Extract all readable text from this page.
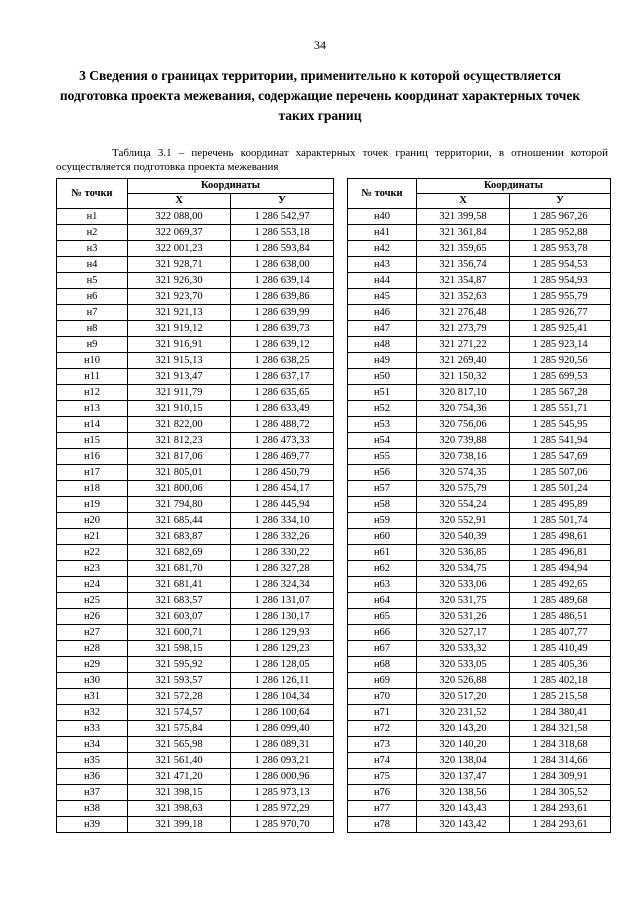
34
3 Сведения о границах территории, применительно к которой осуществляется подготовка проекта межевания, содержащие перечень координат характерных точек таких границ
Таблица 3.1 – перечень координат характерных точек границ территории, в отношении которой осуществляется подготовка проекта межевания
№ точки	Координаты	
	Х	У
н1	322 088,00	1 286 542,97
н2	322 069,37	1 286 553,18
н3	322 001,23	1 286 593,84
н4	321 928,71	1 286 638,00
н5	321 926,30	1 286 639,14
н6	321 923,70	1 286 639,86
н7	321 921,13	1 286 639,99
н8	321 919,12	1 286 639,73
н9	321 916,91	1 286 639,12
н10	321 915,13	1 286 638,25
н11	321 913,47	1 286 637,17
н12	321 911,79	1 286 635,65
н13	321 910,15	1 286 633,49
н14	321 822,00	1 286 488,72
н15	321 812,23	1 286 473,33
н16	321 817,06	1 286 469,77
н17	321 805,01	1 286 450,79
н18	321 800,06	1 286 454,17
н19	321 794,80	1 286 445,94
н20	321 685,44	1 286 334,10
н21	321 683,87	1 286 332,26
н22	321 682,69	1 286 330,22
н23	321 681,70	1 286 327,28
н24	321 681,41	1 286 324,34
н25	321 683,57	1 286 131,07
н26	321 603,07	1 286 130,17
н27	321 600,71	1 286 129,93
н28	321 598,15	1 286 129,23
н29	321 595,92	1 286 128,05
н30	321 593,57	1 286 126,11
н31	321 572,28	1 286 104,34
н32	321 574,57	1 286 100,64
н33	321 575,84	1 286 099,40
н34	321 565,98	1 286 089,31
н35	321 561,40	1 286 093,21
н36	321 471,20	1 286 000,96
н37	321 398,15	1 285 973,13
н38	321 398,63	1 285 972,29
н39	321 399,18	1 285 970,70
№ точки	Координаты	
	Х	У
н40	321 399,58	1 285 967,26
н41	321 361,84	1 285 952,88
н42	321 359,65	1 285 953,78
н43	321 356,74	1 285 954,53
н44	321 354,87	1 285 954,93
н45	321 352,63	1 285 955,79
н46	321 276,48	1 285 926,77
н47	321 273,79	1 285 925,41
н48	321 271,22	1 285 923,14
н49	321 269,40	1 285 920,56
н50	321 150,32	1 285 699,53
н51	320 817,10	1 285 567,28
н52	320 754,36	1 285 551,71
н53	320 756,06	1 285 545,95
н54	320 739,88	1 285 541,94
н55	320 738,16	1 285 547,69
н56	320 574,35	1 285 507,06
н57	320 575,79	1 285 501,24
н58	320 554,24	1 285 495,89
н59	320 552,91	1 285 501,74
н60	320 540,39	1 285 498,61
н61	320 536,85	1 285 496,81
н62	320 534,75	1 285 494,94
н63	320 533,06	1 285 492,65
н64	320 531,75	1 285 489,68
н65	320 531,26	1 285 486,51
н66	320 527,17	1 285 407,77
н67	320 533,32	1 285 410,49
н68	320 533,05	1 285 405,36
н69	320 526,88	1 285 402,18
н70	320 517,20	1 285 215,58
н71	320 231,52	1 284 380,41
н72	320 143,20	1 284 321,58
н73	320 140,20	1 284 318,68
н74	320 138,04	1 284 314,66
н75	320 137,47	1 284 309,91
н76	320 138,56	1 284 305,52
н77	320 143,43	1 284 293,61
н78	320 143,42	1 284 293,61
